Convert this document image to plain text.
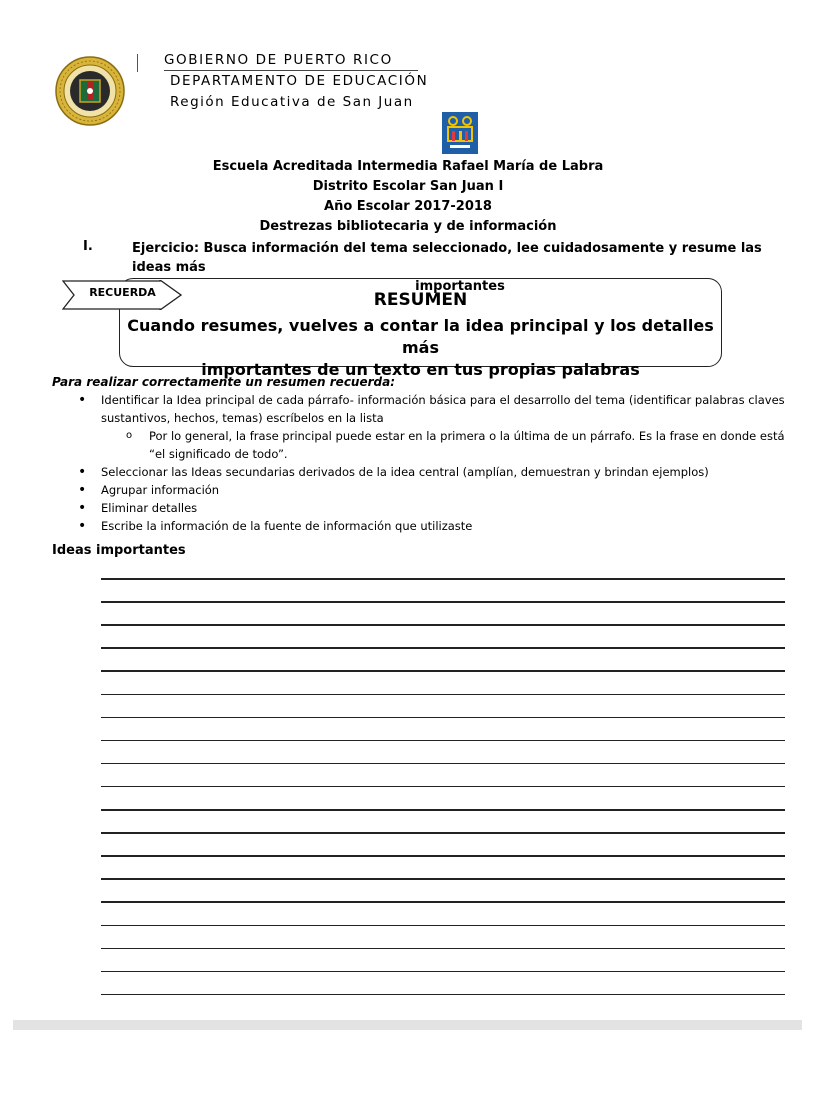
GOBIERNO DE PUERTO RICO
DEPARTAMENTO DE EDUCACIÓN
Región Educativa de San Juan
Escuela Acreditada Intermedia Rafael María de Labra
Distrito Escolar San Juan I
Año Escolar 2017-2018
Destrezas bibliotecaria y de información
I.	Ejercicio: Busca información del tema seleccionado, lee cuidadosamente y resume las ideas más
importantes
RESUMEN
Cuando resumes, vuelves a contar la idea principal y los detalles más
importantes de un texto en tus propias palabras
RECUERDA
Para realizar correctamente un resumen recuerda:
• Identificar la Idea principal de cada párrafo- información básica para el desarrollo del tema (identificar palabras claves sustantivos, hechos, temas) escríbelos en la lista
o Por lo general, la frase principal puede estar en la primera o la última de un párrafo. Es la frase en donde está “el significado de todo”.
• Seleccionar las Ideas secundarias derivados de la idea central (amplían, demuestran y brindan ejemplos)
• Agrupar información
• Eliminar detalles
• Escribe la información de la fuente de información que utilizaste
Ideas importantes
